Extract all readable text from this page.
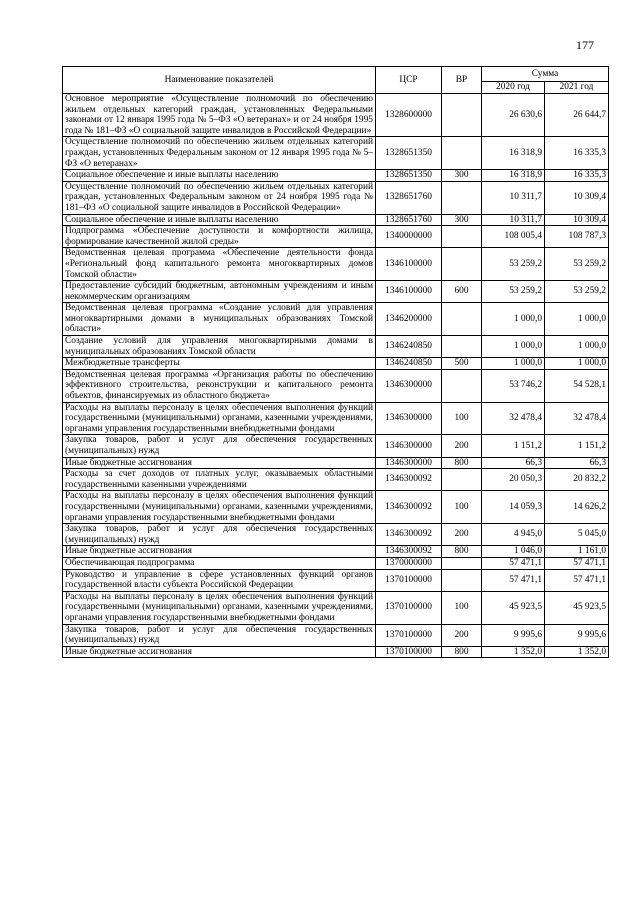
177
Наименование показателей	ЦСР	ВР	Сумма	
			2020 год	2021 год
Основное мероприятие «Осуществление полномочий по обеспечению жильем отдельных категорий граждан, установленных Федеральными законами от 12 января 1995 года № 5–ФЗ «О ветеранах» и от 24 ноября 1995 года № 181–ФЗ «О социальной защите инвалидов в Российской Федерации»	1328600000		26 630,6	26 644,7
Осуществление полномочий по обеспечению жильем отдельных категорий граждан, установленных Федеральным законом от 12 января 1995 года № 5–ФЗ «О ветеранах»	1328651350		16 318,9	16 335,3
Социальное обеспечение и иные выплаты населению	1328651350	300	16 318,9	16 335,3
Осуществление полномочий по обеспечению жильем отдельных категорий граждан, установленных Федеральным законом от 24 ноября 1995 года № 181–ФЗ «О социальной защите инвалидов в Российской Федерации»	1328651760		10 311,7	10 309,4
Социальное обеспечение и иные выплаты населению	1328651760	300	10 311,7	10 309,4
Подпрограмма «Обеспечение доступности и комфортности жилища, формирование качественной жилой среды»	1340000000		108 005,4	108 787,3
Ведомственная целевая программа «Обеспечение деятельности фонда «Региональный фонд капитального ремонта многоквартирных домов Томской области»	1346100000		53 259,2	53 259,2
Предоставление субсидий бюджетным, автономным учреждениям и иным некоммерческим организациям	1346100000	600	53 259,2	53 259,2
Ведомственная целевая программа «Создание условий для управления многоквартирными домами в муниципальных образованиях Томской области»	1346200000		1 000,0	1 000,0
Создание условий для управления многоквартирными домами в муниципальных образованиях Томской области	1346240850		1 000,0	1 000,0
Межбюджетные трансферты	1346240850	500	1 000,0	1 000,0
Ведомственная целевая программа «Организация работы по обеспечению эффективного строительства, реконструкции и капитального ремонта объектов, финансируемых из областного бюджета»	1346300000		53 746,2	54 528,1
Расходы на выплаты персоналу в целях обеспечения выполнения функций государственными (муниципальными) органами, казенными учреждениями, органами управления государственными внебюджетными фондами	1346300000	100	32 478,4	32 478,4
Закупка товаров, работ и услуг для обеспечения государственных (муниципальных) нужд	1346300000	200	1 151,2	1 151,2
Иные бюджетные ассигнования	1346300000	800	66,3	66,3
Расходы за счет доходов от платных услуг, оказываемых областными государственными казенными учреждениями	1346300092		20 050,3	20 832,2
Расходы на выплаты персоналу в целях обеспечения выполнения функций государственными (муниципальными) органами, казенными учреждениями, органами управления государственными внебюджетными фондами	1346300092	100	14 059,3	14 626,2
Закупка товаров, работ и услуг для обеспечения государственных (муниципальных) нужд	1346300092	200	4 945,0	5 045,0
Иные бюджетные ассигнования	1346300092	800	1 046,0	1 161,0
Обеспечивающая подпрограмма	1370000000		57 471,1	57 471,1
Руководство и управление в сфере установленных функций органов государственной власти субъекта Российской Федерации	1370100000		57 471,1	57 471,1
Расходы на выплаты персоналу в целях обеспечения выполнения функций государственными (муниципальными) органами, казенными учреждениями, органами управления государственными внебюджетными фондами	1370100000	100	45 923,5	45 923,5
Закупка товаров, работ и услуг для обеспечения государственных (муниципальных) нужд	1370100000	200	9 995,6	9 995,6
Иные бюджетные ассигнования	1370100000	800	1 352,0	1 352,0
